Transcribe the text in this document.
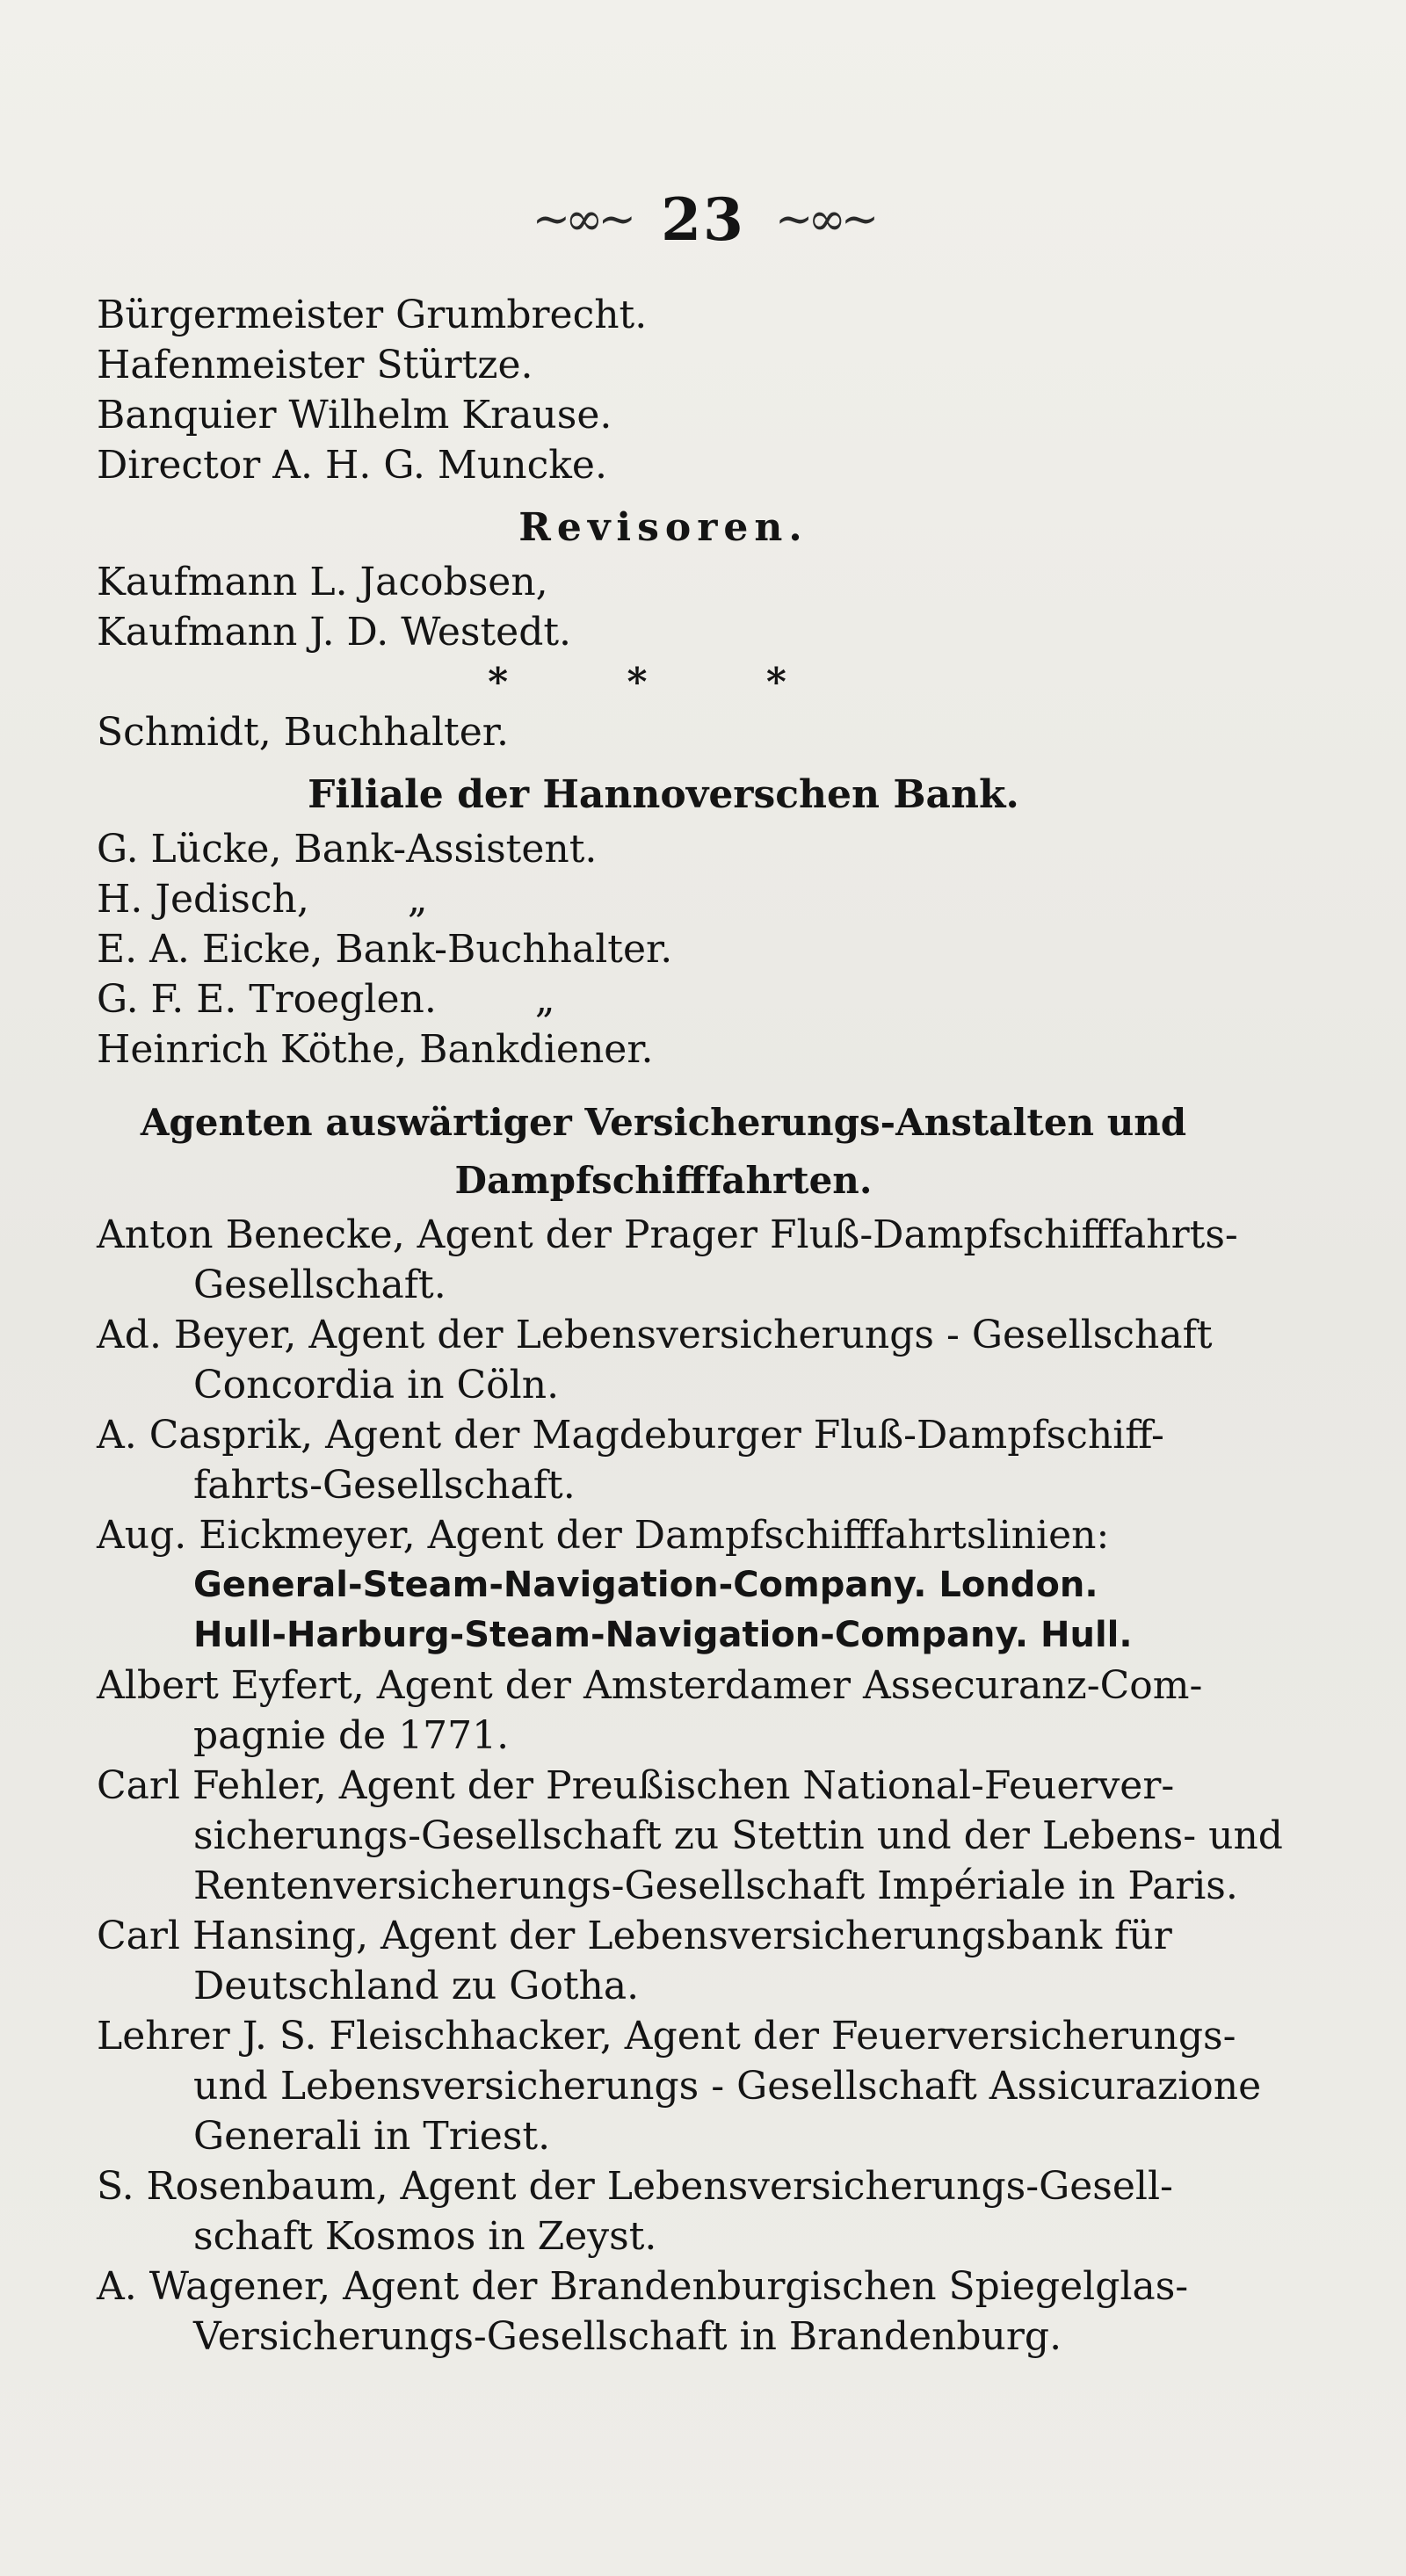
~∞~ 23 ~∞~
Bürgermeister Grumbrecht.
Hafenmeister Stürtze.
Banquier Wilhelm Krause.
Director A. H. G. Muncke.
Revisoren.
Kaufmann L. Jacobsen,
Kaufmann J. D. Westedt.
* * *
Schmidt, Buchhalter.
Filiale der Hannoverschen Bank.
G. Lücke, Bank-Assistent.
H. Jedisch,        „
E. A. Eicke, Bank-Buchhalter.
G. F. E. Troeglen.        „
Heinrich Köthe, Bankdiener.
Agenten auswärtiger Versicherungs-Anstalten und
Dampfschifffahrten.
Anton Benecke, Agent der Prager Fluß-Dampfschifffahrts-
Gesellschaft.
Ad. Beyer, Agent der Lebensversicherungs - Gesellschaft
Concordia in Cöln.
A. Casprik, Agent der Magdeburger Fluß-Dampfschiff-
fahrts-Gesellschaft.
Aug. Eickmeyer, Agent der Dampfschifffahrtslinien:
General-Steam-Navigation-Company. London.
Hull-Harburg-Steam-Navigation-Company. Hull.
Albert Eyfert, Agent der Amsterdamer Assecuranz-Com-
pagnie de 1771.
Carl Fehler, Agent der Preußischen National-Feuerver-
sicherungs-Gesellschaft zu Stettin und der Lebens- und
Rentenversicherungs-Gesellschaft Impériale in Paris.
Carl Hansing, Agent der Lebensversicherungsbank für
Deutschland zu Gotha.
Lehrer J. S. Fleischhacker, Agent der Feuerversicherungs-
und Lebensversicherungs - Gesellschaft Assicurazione
Generali in Triest.
S. Rosenbaum, Agent der Lebensversicherungs-Gesell-
schaft Kosmos in Zeyst.
A. Wagener, Agent der Brandenburgischen Spiegelglas-
Versicherungs-Gesellschaft in Brandenburg.
